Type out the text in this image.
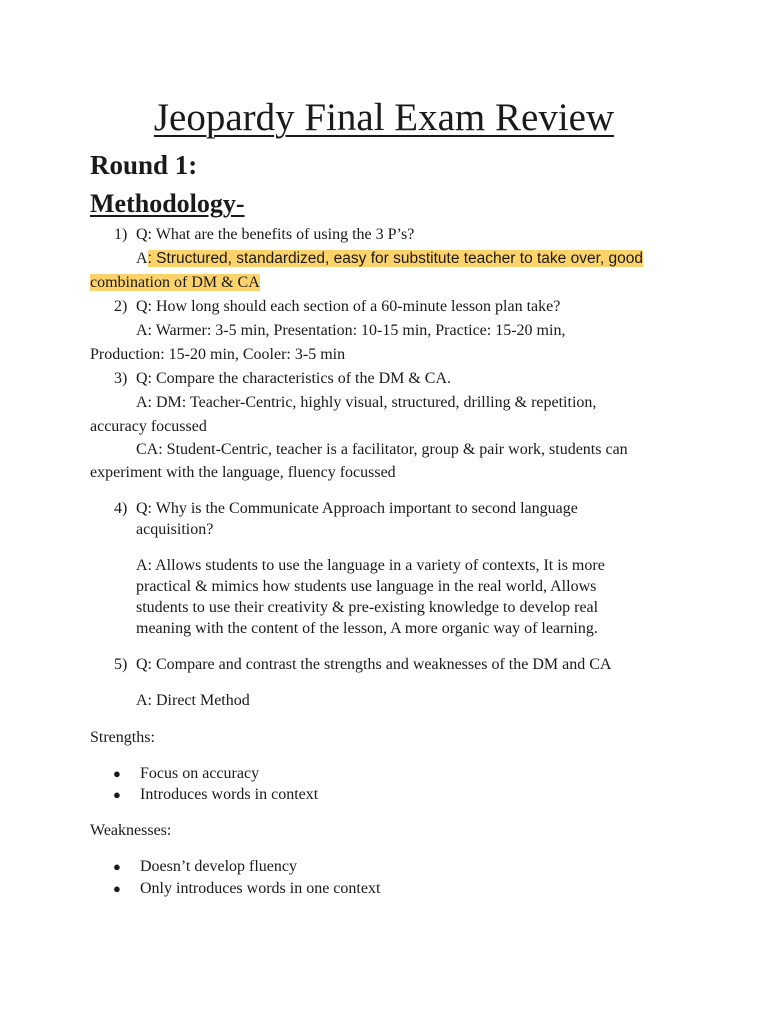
Jeopardy Final Exam Review
Round 1:
Methodology-
1) Q: What are the benefits of using the 3 P’s?
A: Structured, standardized, easy for substitute teacher to take over, good
combination of DM & CA
2) Q: How long should each section of a 60-minute lesson plan take?
A: Warmer: 3-5 min, Presentation: 10-15 min, Practice: 15-20 min,
Production: 15-20 min, Cooler: 3-5 min
3) Q: Compare the characteristics of the DM & CA.
A: DM: Teacher-Centric, highly visual, structured, drilling & repetition,
accuracy focussed
CA: Student-Centric, teacher is a facilitator, group & pair work, students can
experiment with the language, fluency focussed
4) Q: Why is the Communicate Approach important to second language
acquisition?
A: Allows students to use the language in a variety of contexts, It is more
practical & mimics how students use language in the real world, Allows
students to use their creativity & pre-existing knowledge to develop real
meaning with the content of the lesson, A more organic way of learning.
5) Q: Compare and contrast the strengths and weaknesses of the DM and CA
A: Direct Method
Strengths:
● Focus on accuracy
● Introduces words in context
Weaknesses:
● Doesn’t develop fluency
● Only introduces words in one context
